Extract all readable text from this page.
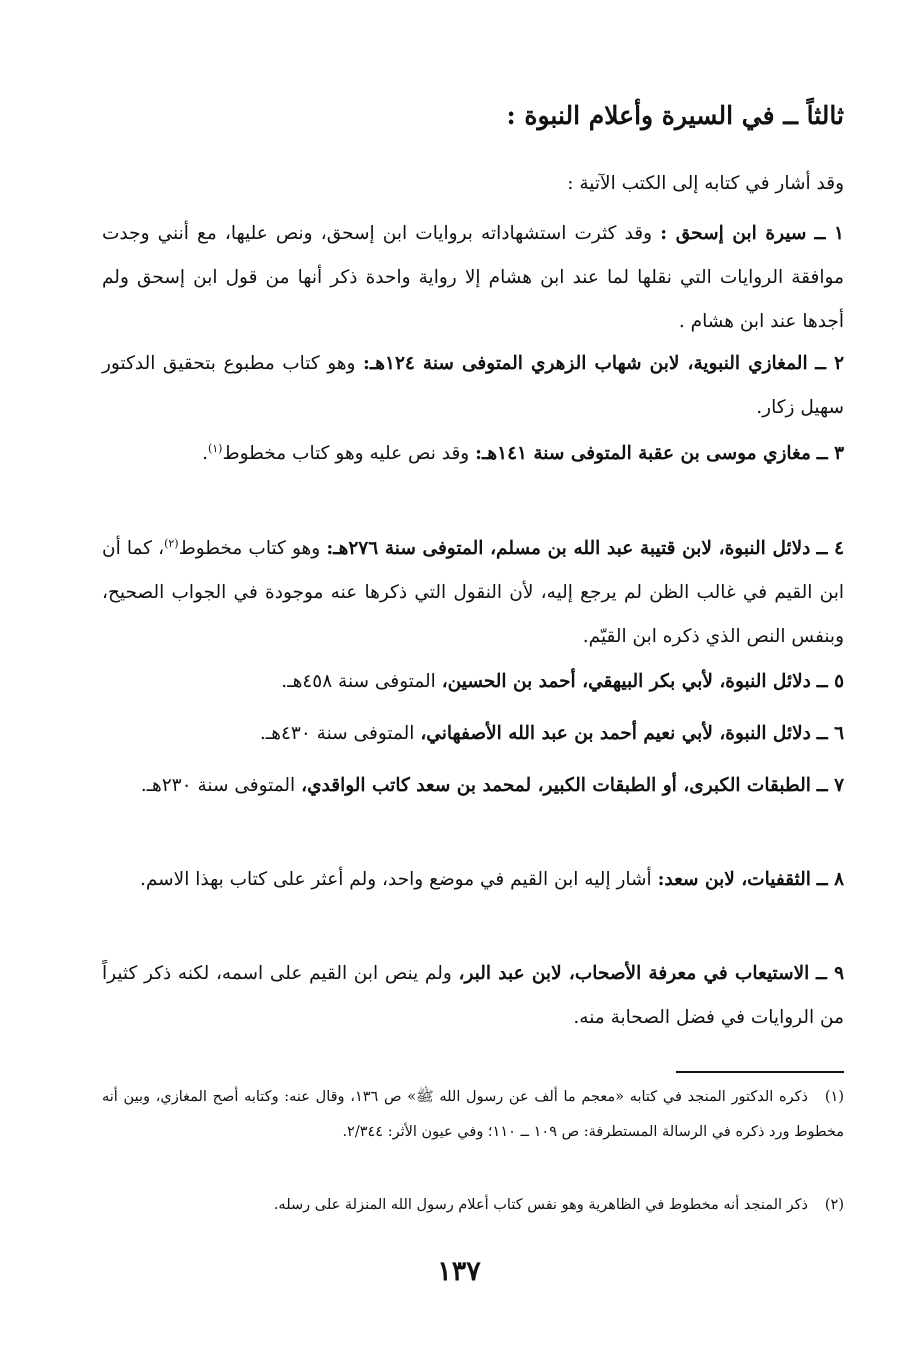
ثالثاً ــ في السيرة وأعلام النبوة :
وقد أشار في كتابه إلى الكتب الآتية :
١ ــ سيرة ابن إسحق : وقد كثرت استشهاداته بروايات ابن إسحق، ونص عليها، مع أنني وجدت موافقة الروايات التي نقلها لما عند ابن هشام إلا رواية واحدة ذكر أنها من قول ابن إسحق ولم أجدها عند ابن هشام .
٢ ــ المغازي النبوية، لابن شهاب الزهري المتوفى سنة ١٢٤هـ: وهو كتاب مطبوع بتحقيق الدكتور سهيل زكار.
٣ ــ مغازي موسى بن عقبة المتوفى سنة ١٤١هـ: وقد نص عليه وهو كتاب مخطوط$^{(١)}$.
٤ ــ دلائل النبوة، لابن قتيبة عبد الله بن مسلم، المتوفى سنة ٢٧٦هـ: وهو كتاب مخطوط$^{(٢)}$، كما أن ابن القيم في غالب الظن لم يرجع إليه، لأن النقول التي ذكرها عنه موجودة في الجواب الصحيح، وبنفس النص الذي ذكره ابن القيّم.
٥ ــ دلائل النبوة، لأبي بكر البيهقي، أحمد بن الحسين، المتوفى سنة ٤٥٨هـ.
٦ ــ دلائل النبوة، لأبي نعيم أحمد بن عبد الله الأصفهاني، المتوفى سنة ٤٣٠هـ.
٧ ــ الطبقات الكبرى، أو الطبقات الكبير، لمحمد بن سعد كاتب الواقدي، المتوفى سنة ٢٣٠هـ.
٨ ــ الثقفيات، لابن سعد: أشار إليه ابن القيم في موضع واحد، ولم أعثر على كتاب بهذا الاسم.
٩ ــ الاستيعاب في معرفة الأصحاب، لابن عبد البر، ولم ينص ابن القيم على اسمه، لكنه ذكر كثيراً من الروايات في فضل الصحابة منه.
(١)ذكره الدكتور المنجد في كتابه «معجم ما ألف عن رسول الله ﷺ» ص ١٣٦، وقال عنه: وكتابه أصح المغازي، وبين أنه مخطوط ورد ذكره في الرسالة المستطرفة: ص ١٠٩ ــ ١١٠؛ وفي عيون الأثر: ٢/٣٤٤.
(٢)ذكر المنجد أنه مخطوط في الظاهرية وهو نفس كتاب أعلام رسول الله المنزلة على رسله.
١٣٧
